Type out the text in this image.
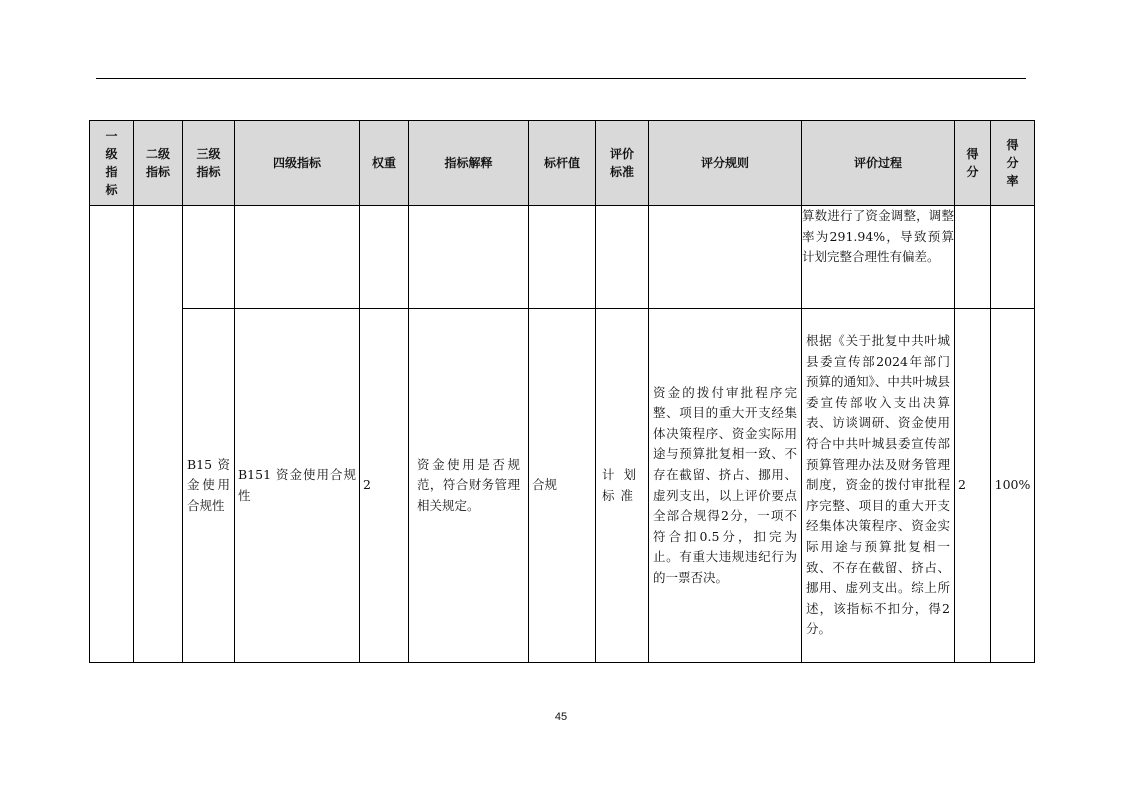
一级指标	二级指标	三级指标	四级指标	权重	指标解释	标杆值	评价标准	评分规则	评价过程	得分	得分率
									算数进行了资金调整，调整率为291.94%，导致预算计划完整合理性有偏差。		

		B15资金使用合规性	B151 资金使用合规性	2	资金使用是否规范，符合财务管理相关规定。	合规	计划标准	资金的拨付审批程序完整、项目的重大开支经集体决策程序、资金实际用途与预算批复相一致、不存在截留、挤占、挪用、虚列支出，以上评价要点全部合规得2分，一项不符合扣0.5分，扣完为止。有重大违规违纪行为的一票否决。	根据《关于批复中共叶城县委宣传部2024年部门预算的通知》、中共叶城县委宣传部收入支出决算表、访谈调研、资金使用符合中共叶城县委宣传部预算管理办法及财务管理制度，资金的拨付审批程序完整、项目的重大开支经集体决策程序、资金实际用途与预算批复相一致、不存在截留、挤占、挪用、虚列支出。综上所述，该指标不扣分，得2分。	2	100%
45
